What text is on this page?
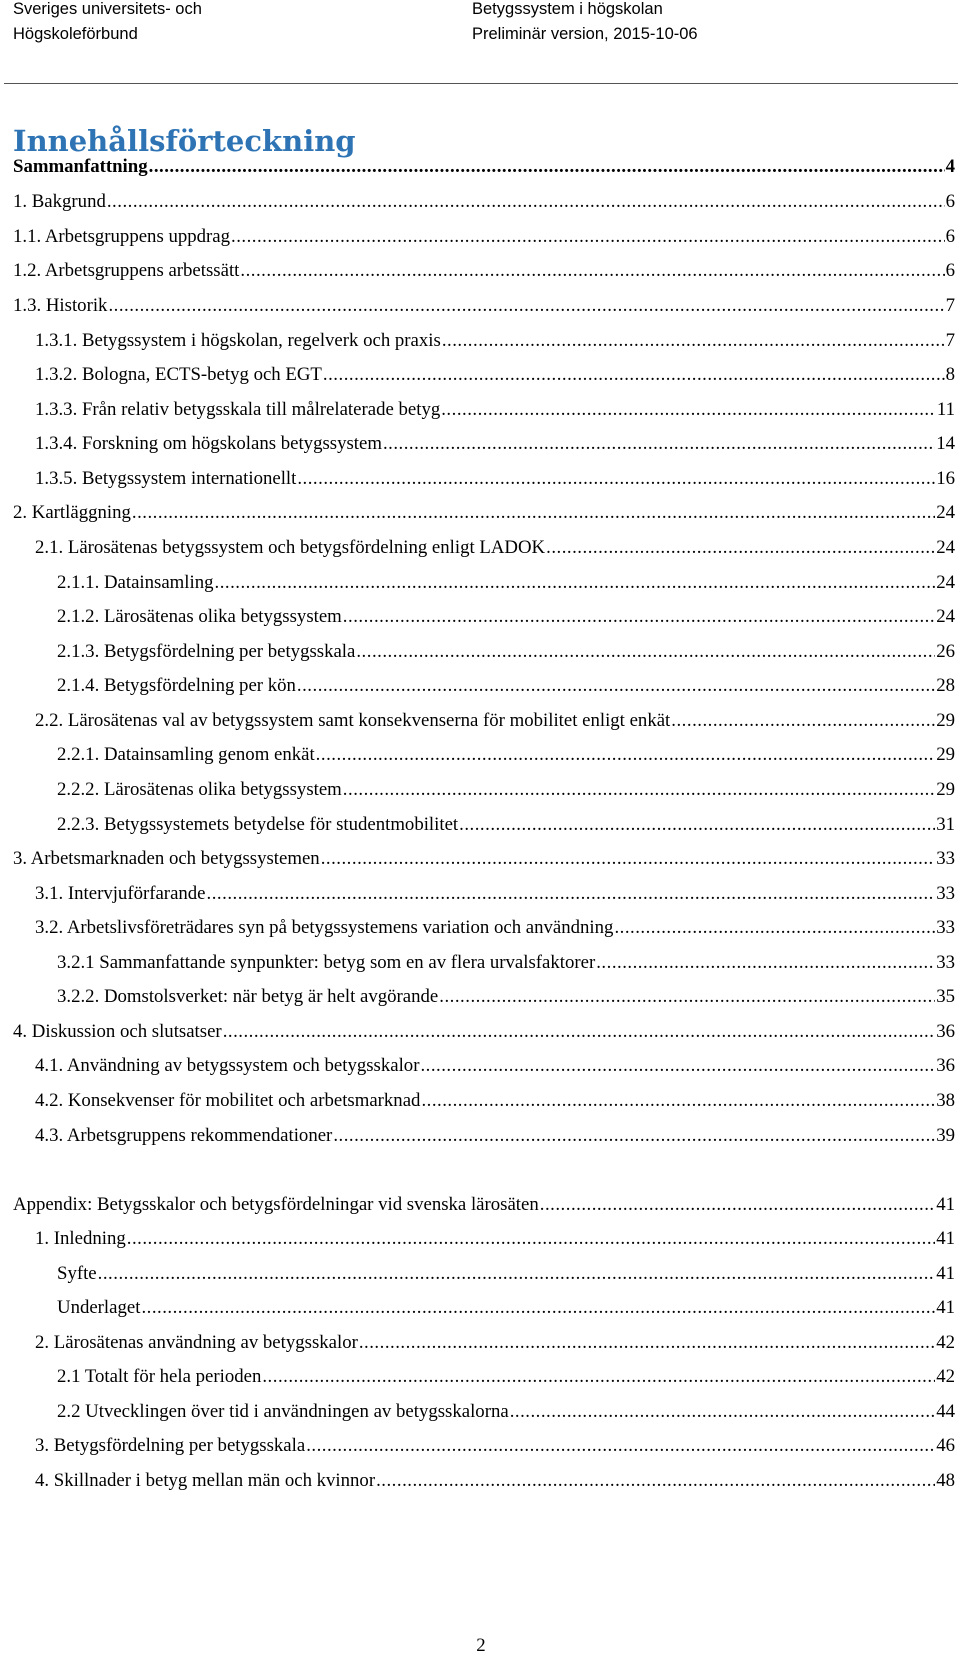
Sveriges universitets- och
Högskoleförbund
Betygssystem i högskolan
Preliminär version, 2015-10-06
Innehållsförteckning
Sammanfattning .....	4
1. Bakgrund .....	6
1.1. Arbetsgruppens uppdrag .....	6
1.2. Arbetsgruppens arbetssätt .....	6
1.3. Historik .....	7
1.3.1. Betygssystem i högskolan, regelverk och praxis .....	7
1.3.2. Bologna, ECTS-betyg och EGT .....	8
1.3.3. Från relativ betygsskala till målrelaterade betyg .....	11
1.3.4. Forskning om högskolans betygssystem .....	14
1.3.5. Betygssystem internationellt .....	16
2. Kartläggning .....	24
2.1. Lärosätenas betygssystem och betygsfördelning enligt LADOK .....	24
2.1.1. Datainsamling .....	24
2.1.2. Lärosätenas olika betygssystem .....	24
2.1.3. Betygsfördelning per betygsskala .....	26
2.1.4. Betygsfördelning per kön .....	28
2.2. Lärosätenas val av betygssystem samt konsekvenserna för mobilitet enligt enkät .....	29
2.2.1. Datainsamling genom enkät .....	29
2.2.2. Lärosätenas olika betygssystem .....	29
2.2.3. Betygssystemets betydelse för studentmobilitet .....	31
3. Arbetsmarknaden och betygssystemen .....	33
3.1. Intervjuförfarande .....	33
3.2. Arbetslivsföreträdares syn på betygssystemens variation och användning .....	33
3.2.1 Sammanfattande synpunkter: betyg som en av flera urvalsfaktorer .....	33
3.2.2. Domstolsverket: när betyg är helt avgörande .....	35
4. Diskussion och slutsatser .....	36
4.1. Användning av betygssystem och betygsskalor .....	36
4.2. Konsekvenser för mobilitet och arbetsmarknad .....	38
4.3. Arbetsgruppens rekommendationer .....	39
Appendix: Betygsskalor och betygsfördelningar vid svenska lärosäten .....	41
1. Inledning .....	41
Syfte .....	41
Underlaget .....	41
2. Lärosätenas användning av betygsskalor .....	42
2.1 Totalt för hela perioden .....	42
2.2 Utvecklingen över tid i användningen av betygsskalorna .....	44
3. Betygsfördelning per betygsskala .....	46
4. Skillnader i betyg mellan män och kvinnor .....	48
2
